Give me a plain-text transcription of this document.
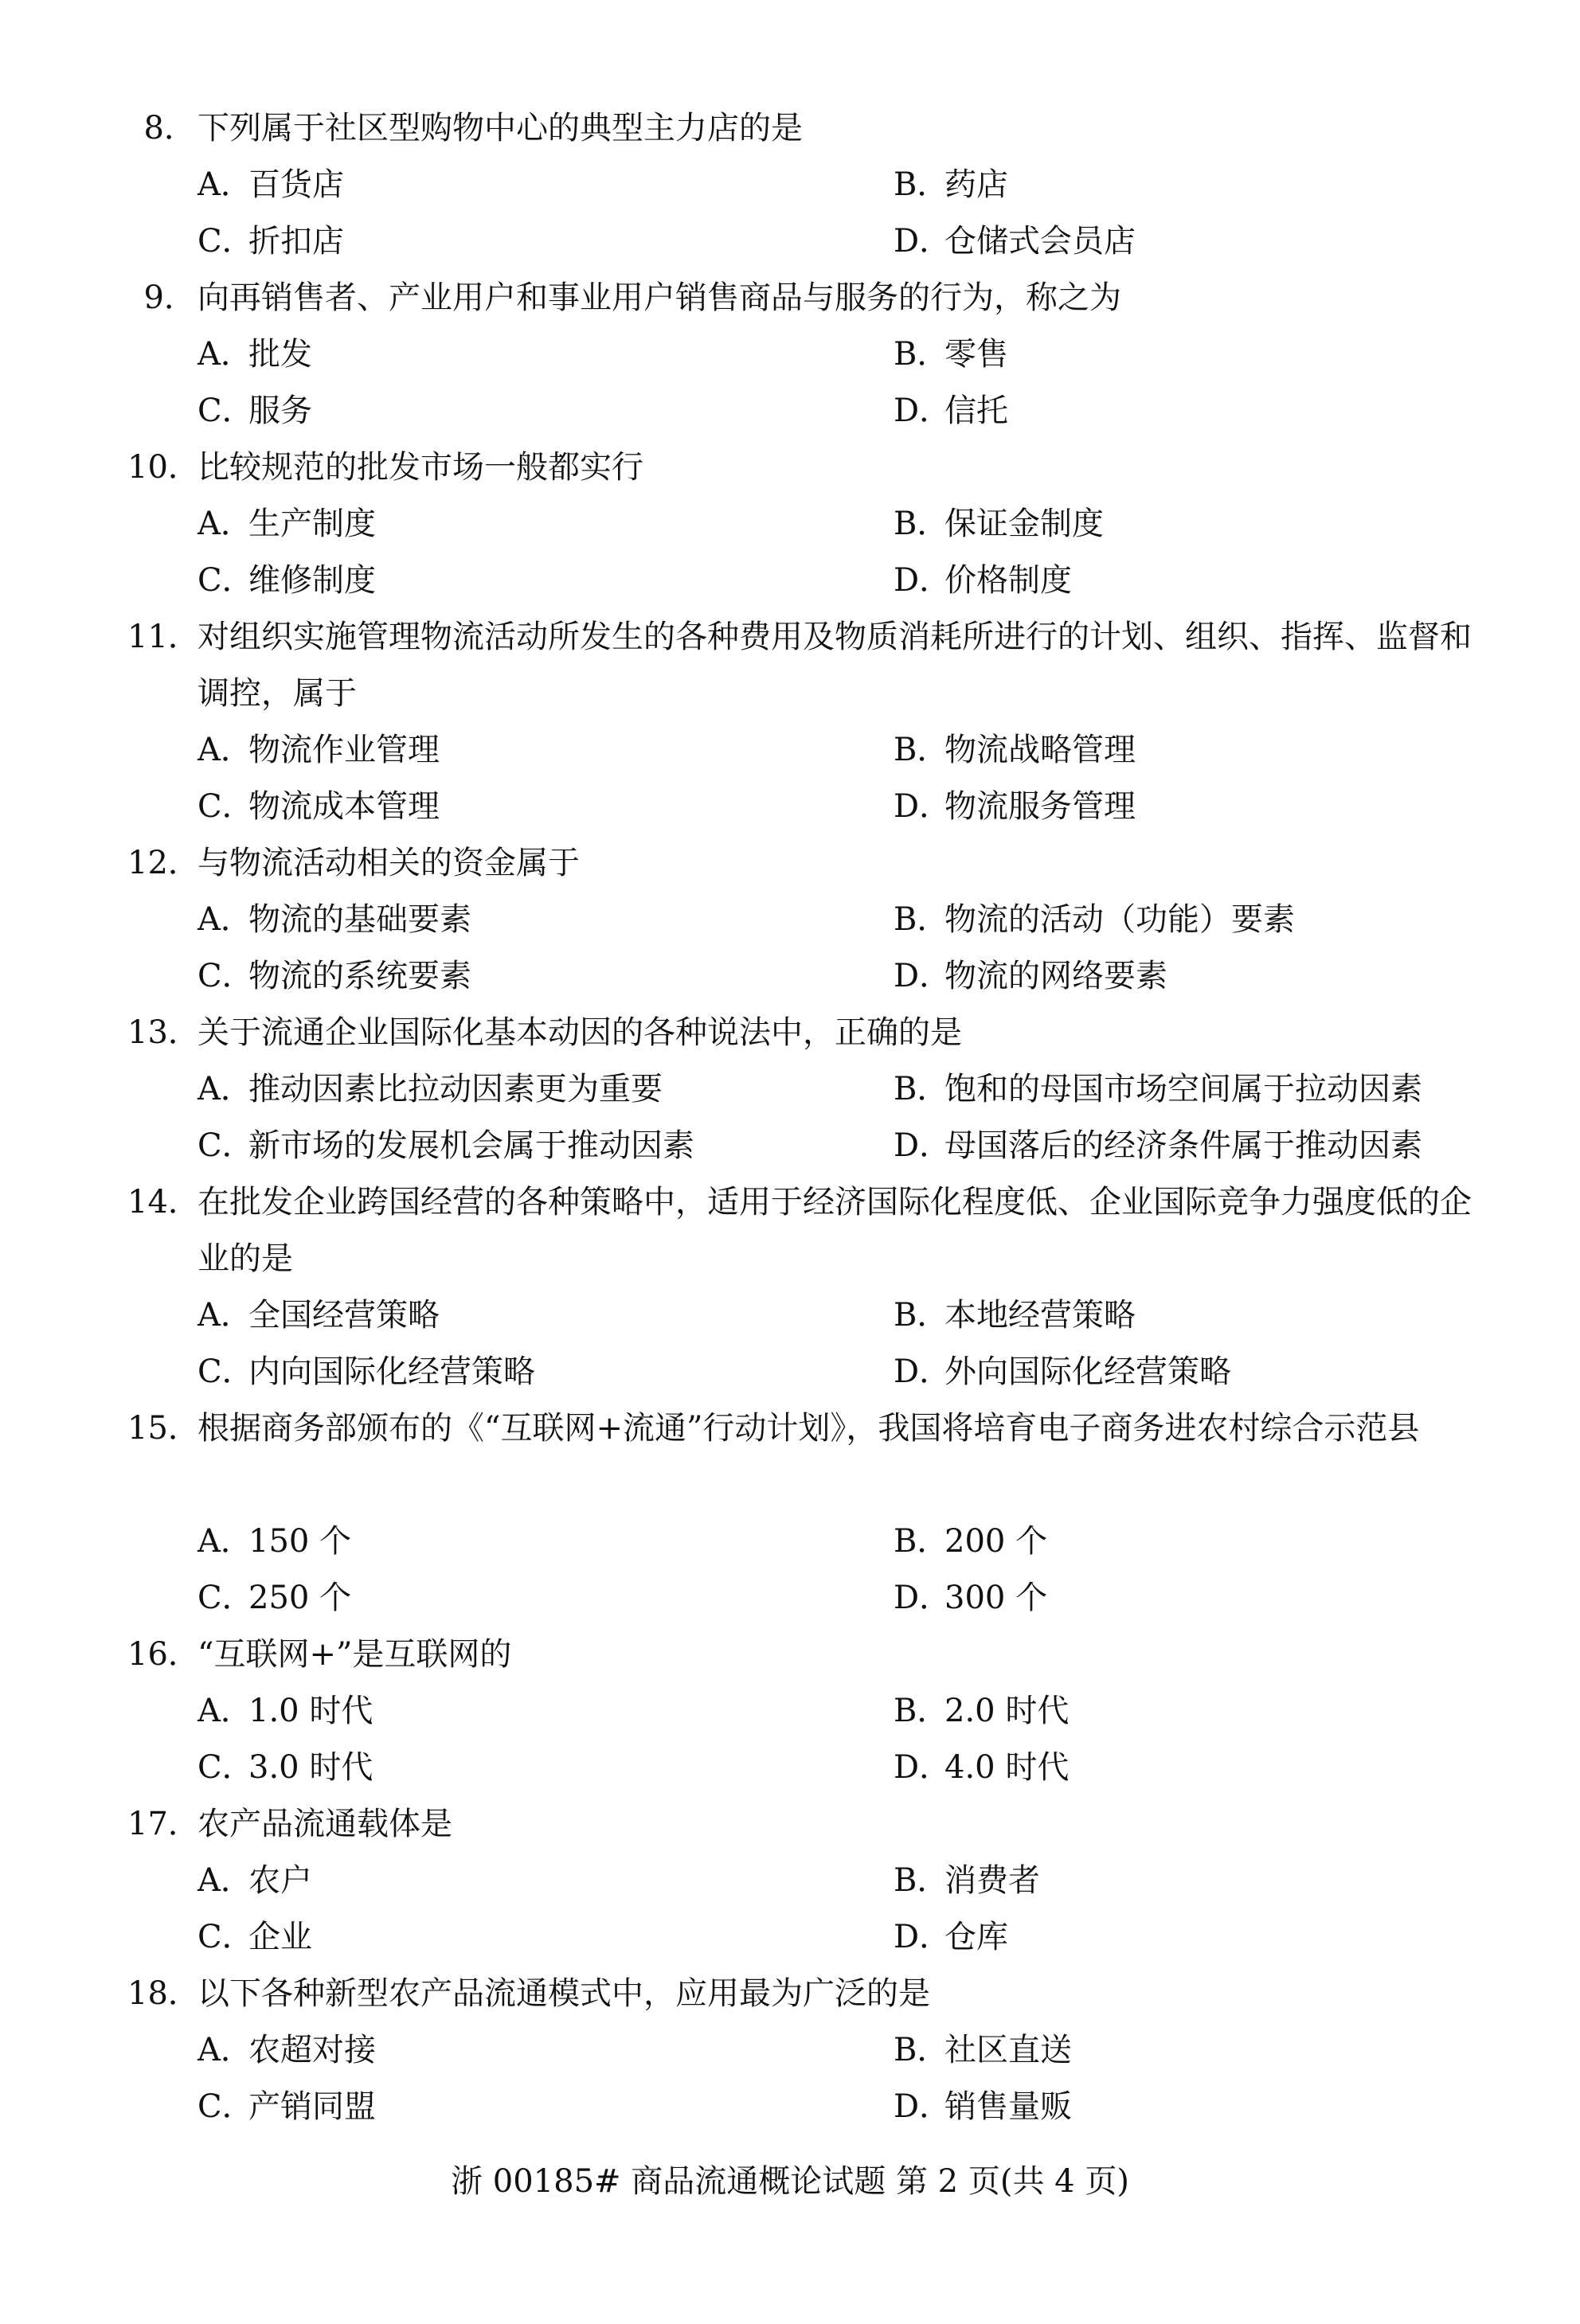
8． 下列属于社区型购物中心的典型主力店的是
A．百货店	B．药店
C．折扣店	D．仓储式会员店
9． 向再销售者、产业用户和事业用户销售商品与服务的行为，称之为
A．批发	B．零售
C．服务	D．信托
10．
比较规范的批发市场一般都实行
A．生产制度	B．保证金制度
C．维修制度	D．价格制度
11．
对组织实施管理物流活动所发生的各种费用及物质消耗所进行的计划、组织、指挥、监督和调控，属于
A．物流作业管理	B．物流战略管理
C．物流成本管理	D．物流服务管理
12．
与物流活动相关的资金属于
A．物流的基础要素	B．物流的活动（功能）要素
C．物流的系统要素	D．物流的网络要素
13．
关于流通企业国际化基本动因的各种说法中，正确的是
A．推动因素比拉动因素更为重要	B．饱和的母国市场空间属于拉动因素
C．新市场的发展机会属于推动因素	D．母国落后的经济条件属于推动因素
14．
在批发企业跨国经营的各种策略中，适用于经济国际化程度低、企业国际竞争力强度低的企业的是
A．全国经营策略	B．本地经营策略
C．内向国际化经营策略	D．外向国际化经营策略
15．
根据商务部颁布的《“互联网+流通”行动计划》，我国将培育电子商务进农村综合示范县
A．150 个	B．200 个
C．250 个	D．300 个
16．
“互联网+”是互联网的
A．1.0 时代	B．2.0 时代
C．3.0 时代	D．4.0 时代
17．
农产品流通载体是
A．农户	B．消费者
C．企业	D．仓库
18．
以下各种新型农产品流通模式中，应用最为广泛的是
A．农超对接	B．社区直送
C．产销同盟	D．销售量贩
浙 00185# 商品流通概论试题 第 2 页(共 4 页)
